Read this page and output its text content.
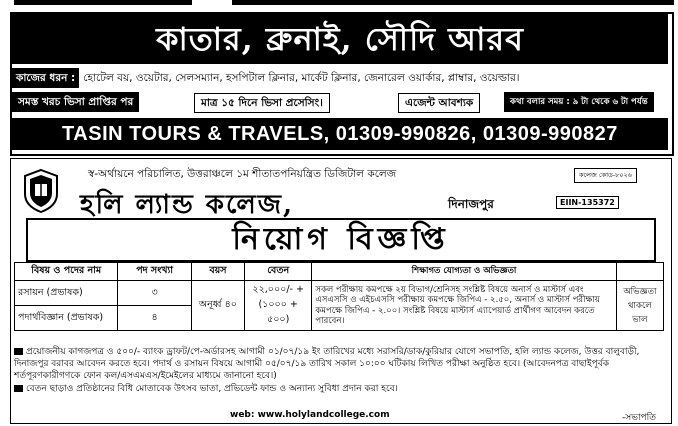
কাতার, ব্রুনাই, সৌদি আরব
কাজের ধরন : হোটেল বয়, ওয়েটার, সেলসম্যান, হসপিটাল ক্লিনার, মার্কেট ক্লিনার, জেনারেল ওয়ার্কার, প্লাম্বার, ওয়েল্ডার।
সমস্ত খরচ ভিসা প্রাপ্তির পর	মাত্র ১৫ দিনে ভিসা প্রসেসিং।	এজেন্ট আবশ্যক	কথা বলার সময় : ৯ টা থেকে ৬ টা পর্যন্ত
TASIN TOURS & TRAVELS, 01309-990826, 01309-990827
স্ব-অর্থায়নে পরিচালিত, উত্তরাঞ্চলে ১ম শীতাতপনিয়ন্ত্রিত ডিজিটাল কলেজ	কলেজ কোড-৮০২৬
হলি ল্যান্ড কলেজ,	দিনাজপুর	EIIN-135372
নিয়োগ বিজ্ঞপ্তি
বিষয় ও পদের নাম	পদ সংখ্যা	বয়স	বেতন	শিক্ষাগত যোগ্যতা ও অভিজ্ঞতা	
রসায়ন (প্রভাষক)	৩	অনূর্ধ্ব ৪০	২২,০০০/- + (১০০০ + ৫০০)	সকল পরীক্ষায় কমপক্ষে ২য় বিভাগ/শ্রেনিসহ সংশ্লিষ্ট বিষয়ে অনার্স ও মাস্টার্স এবং এসএসসি ও এইচএসসি পরীক্ষায় কমপক্ষে জিপিএ - ২.৫০, অনার্স ও মাস্টার্স পরীক্ষায় কমপক্ষে জিপিএ - ২.০০। সংশ্লিষ্ট বিষয়ে মাস্টার্স এ্যাপেয়ার্ড প্রার্থীগণ আবেদন করতে পারবেন।	অভিজ্ঞতা থাকলে ভাল
পদার্থবিজ্ঞান (প্রভাষক)	৪				

প্রয়োজনীয় কাগজপত্র ও ৫০০/- ব্যাংক ড্রাফট/পে-অর্ডারসহ আগামী ০১/০৭/১৯ ইং তারিখের মধ্যে সরাসরি/ডাক/কুরিয়ার যোগে সভাপতি, হলি ল্যান্ড কলেজ, উত্তর বালুবাড়ী, দিনাজপুর বরাবর আবেদন করতে হবে। পদার্থ ও রসায়ন বিষয়ে আগামী ০৫/০৭/১৯ তারিখ সকাল ১০:০০ ঘটিকায় লিখিত পরীক্ষা অনুষ্ঠিত হবে। (আবেদনপত্র বাছাইপূর্বক শর্তপূরণকারীগণকে ফোন কল/এসএমএস/ইমেইলের মাধ্যমে জানানো হবে।)

বেতন ছাড়াও প্রতিষ্ঠানের বিধি মোতাবেক উৎসব ভাতা, প্রভিডেন্ট ফান্ড ও অন্যান্য সুবিধা প্রদান করা হবে।

web: www.holylandcollege.com	-সভাপতি
